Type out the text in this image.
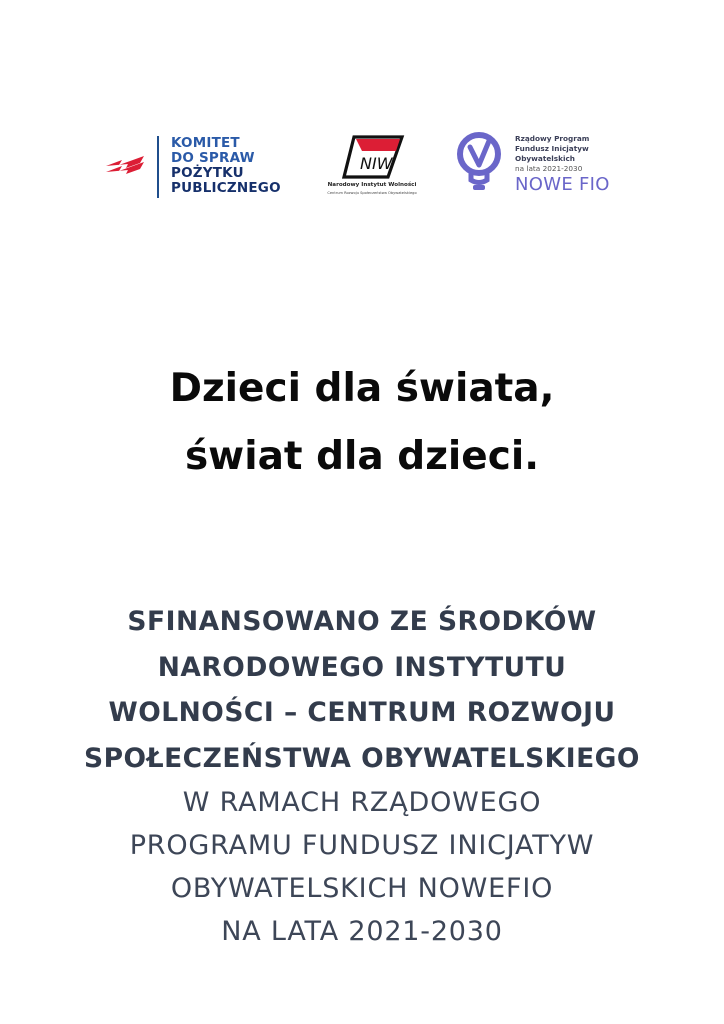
KOMITET
DO SPRAW
POŻYTKU
PUBLICZNEGO
NIW
Narodowy Instytut Wolności
Centrum Rozwoju Społeczeństwa Obywatelskiego
Rządowy Program
Fundusz Inicjatyw
Obywatelskich
na lata 2021-2030
NOWE FIO
Dzieci dla świata,
świat dla dzieci.
SFINANSOWANO ZE ŚRODKÓW
NARODOWEGO INSTYTUTU
WOLNOŚCI – CENTRUM ROZWOJU
SPOŁECZEŃSTWA OBYWATELSKIEGO
W RAMACH RZĄDOWEGO
PROGRAMU FUNDUSZ INICJATYW
OBYWATELSKICH NOWEFIO
NA LATA 2021-2030
